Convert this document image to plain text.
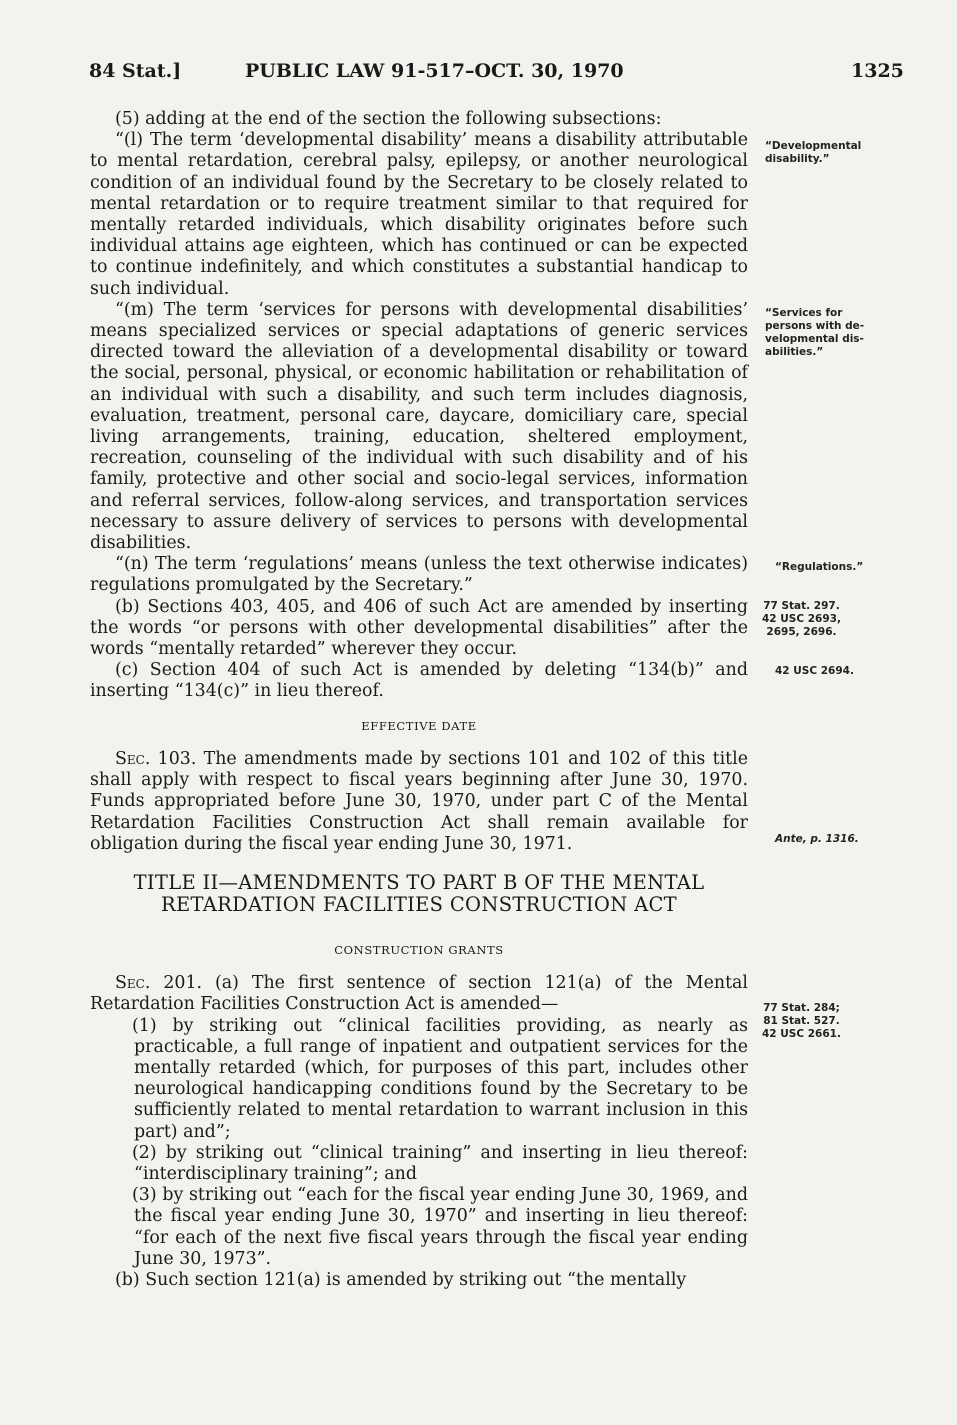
84 Stat.]	PUBLIC LAW 91-517–OCT. 30, 1970	1325

(5) adding at the end of the section the following subsections:

“(l) The term ‘developmental disability’ means a disability attributable to mental retardation, cerebral palsy, epilepsy, or another neurological condition of an individual found by the Secretary to be closely related to mental retardation or to require treatment similar to that required for mentally retarded individuals, which disability originates before such individual attains age eighteen, which has continued or can be expected to continue indefinitely, and which constitutes a substantial handicap to such individual.

“(m) The term ‘services for persons with developmental disabilities’ means specialized services or special adaptations of generic services directed toward the alleviation of a developmental disability or toward the social, personal, physical, or economic habilitation or rehabilitation of an individual with such a disability, and such term includes diagnosis, evaluation, treatment, personal care, daycare, domiciliary care, special living arrangements, training, education, sheltered employment, recreation, counseling of the individual with such disability and of his family, protective and other social and socio-legal services, information and referral services, follow-along services, and transportation services necessary to assure delivery of services to persons with developmental disabilities.

“(n) The term ‘regulations’ means (unless the text otherwise indicates) regulations promulgated by the Secretary.”

(b) Sections 403, 405, and 406 of such Act are amended by inserting the words “or persons with other developmental disabilities” after the words “mentally retarded” wherever they occur.

(c) Section 404 of such Act is amended by deleting “134(b)” and inserting “134(c)” in lieu thereof.

EFFECTIVE DATE

Sec. 103. The amendments made by sections 101 and 102 of this title shall apply with respect to fiscal years beginning after June 30, 1970. Funds appropriated before June 30, 1970, under part C of the Mental Retardation Facilities Construction Act shall remain available for obligation during the fiscal year ending June 30, 1971.

TITLE II—AMENDMENTS TO PART B OF THE MENTAL
RETARDATION FACILITIES CONSTRUCTION ACT

CONSTRUCTION GRANTS

Sec. 201. (a) The first sentence of section 121(a) of the Mental Retardation Facilities Construction Act is amended—

(1) by striking out “clinical facilities providing, as nearly as practicable, a full range of inpatient and outpatient services for the mentally retarded (which, for purposes of this part, includes other neurological handicapping conditions found by the Secretary to be sufficiently related to mental retardation to warrant inclusion in this part) and”;

(2) by striking out “clinical training” and inserting in lieu thereof: “interdisciplinary training”; and

(3) by striking out “each for the fiscal year ending June 30, 1969, and the fiscal year ending June 30, 1970” and inserting in lieu thereof: “for each of the next five fiscal years through the fiscal year ending June 30, 1973”.

(b) Such section 121(a) is amended by striking out “the mentally

“Developmental
disability.”
“Services for
persons with de-
velopmental dis-
abilities.”
“Regulations.”
77 Stat. 297.
42 USC 2693,
2695, 2696.
42 USC 2694.
Ante, p. 1316.
77 Stat. 284;
81 Stat. 527.
42 USC 2661.
